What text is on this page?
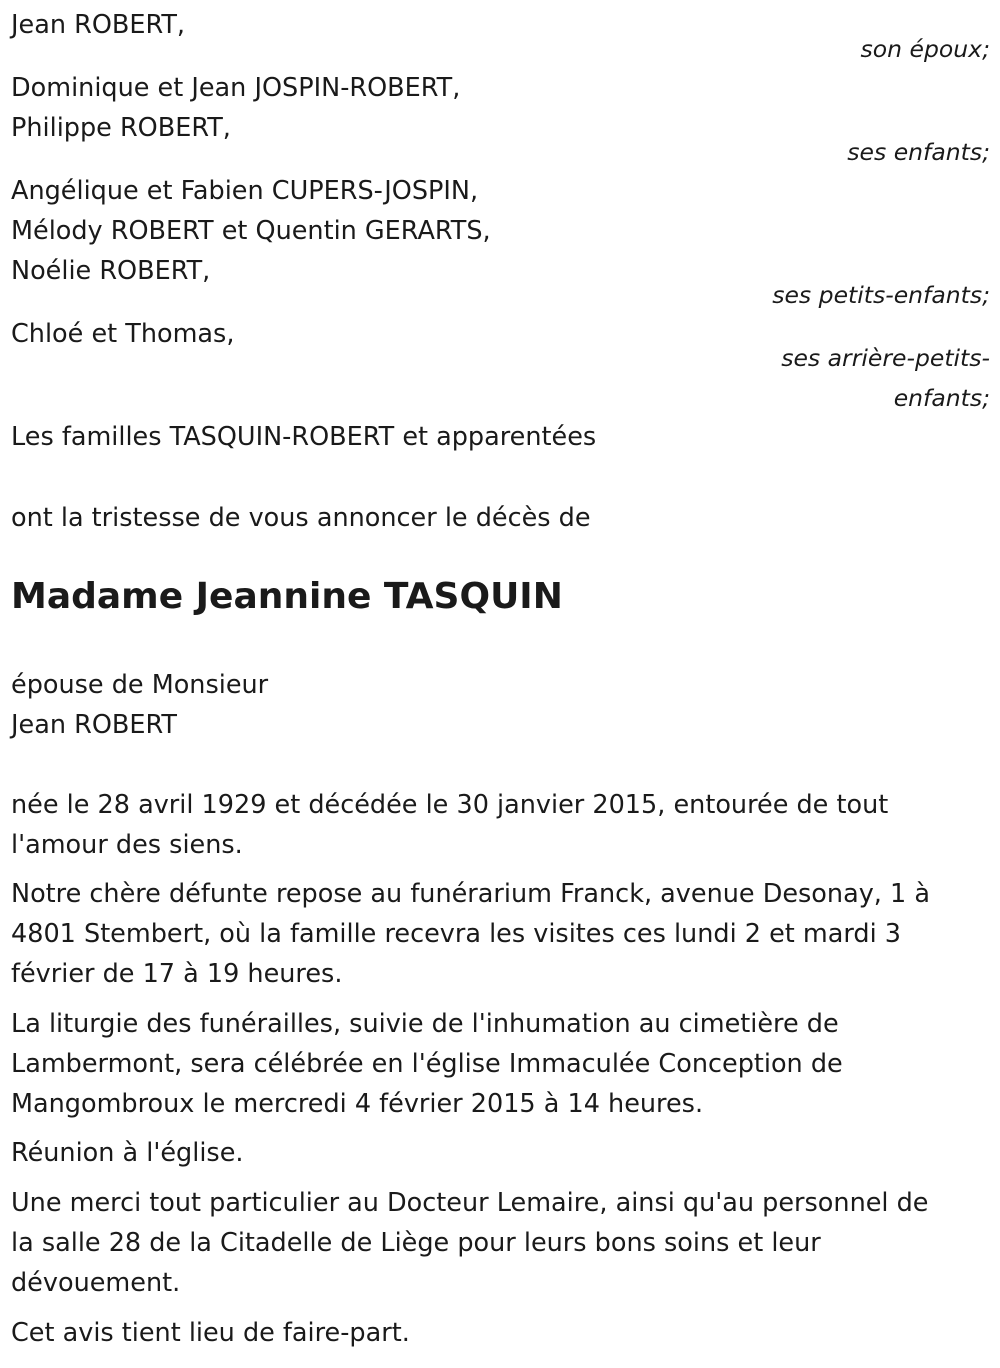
Jean ROBERT,
son époux;
Dominique et Jean JOSPIN-ROBERT,
Philippe ROBERT,
ses enfants;
Angélique et Fabien CUPERS-JOSPIN,
Mélody ROBERT et Quentin GERARTS,
Noélie ROBERT,
ses petits-enfants;
Chloé et Thomas,
ses arrière-petits-
enfants;
Les familles TASQUIN-ROBERT et apparentées
ont la tristesse de vous annoncer le décès de
Madame Jeannine TASQUIN
épouse de Monsieur
Jean ROBERT
née le 28 avril 1929 et décédée le 30 janvier 2015, entourée de tout
l'amour des siens.
Notre chère défunte repose au funérarium Franck, avenue Desonay, 1 à
4801 Stembert, où la famille recevra les visites ces lundi 2 et mardi 3
février de 17 à 19 heures.
La liturgie des funérailles, suivie de l'inhumation au cimetière de
Lambermont, sera célébrée en l'église Immaculée Conception de
Mangombroux le mercredi 4 février 2015 à 14 heures.
Réunion à l'église.
Une merci tout particulier au Docteur Lemaire, ainsi qu'au personnel de
la salle 28 de la Citadelle de Liège pour leurs bons soins et leur
dévouement.
Cet avis tient lieu de faire-part.
